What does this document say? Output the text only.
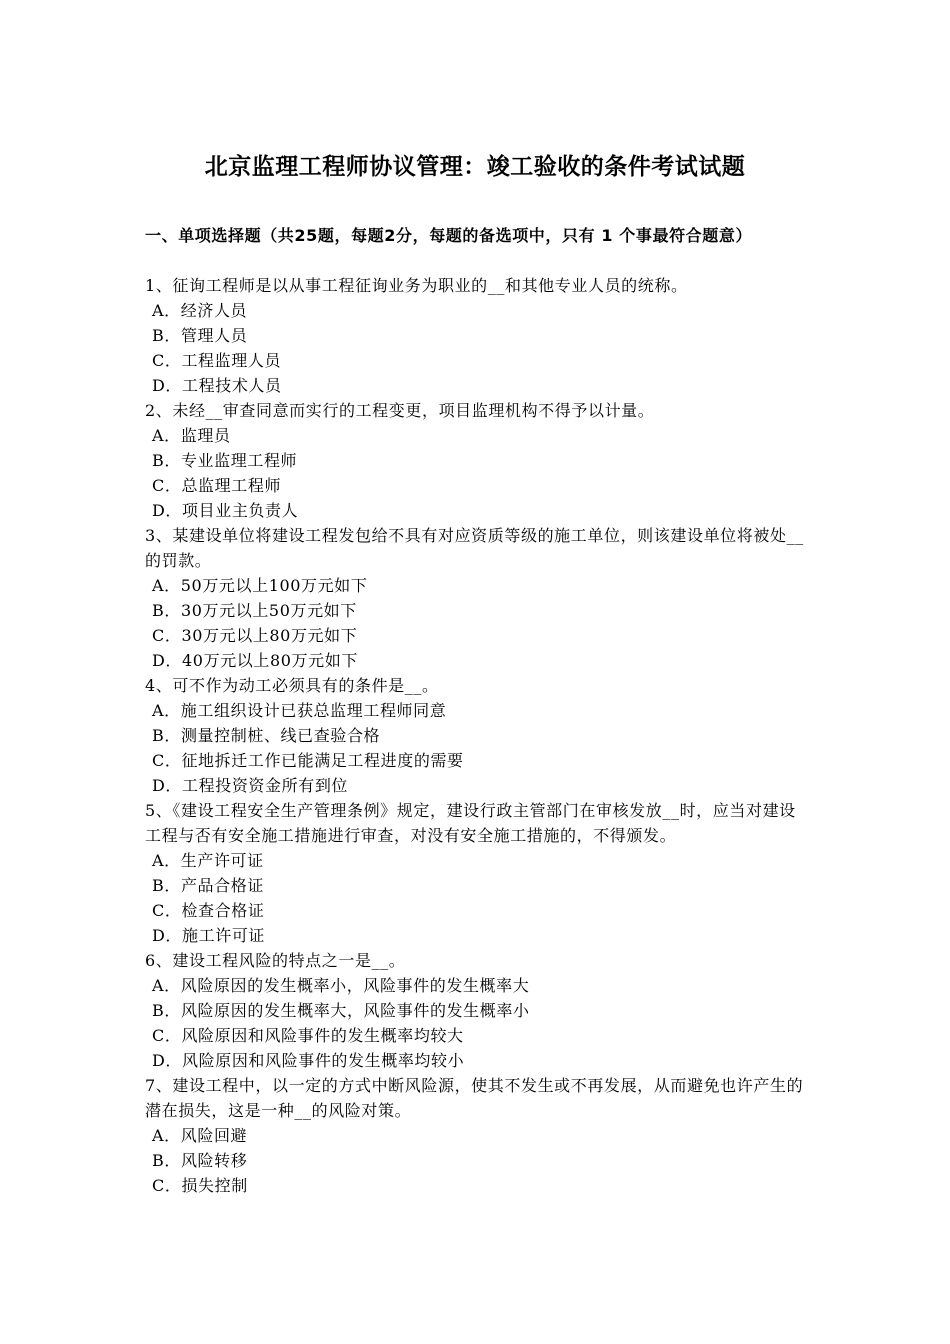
北京监理工程师协议管理：竣工验收的条件考试试题
一、单项选择题（共25题，每题2分，每题的备选项中，只有 1 个事最符合题意）

1、征询工程师是以从事工程征询业务为职业的__和其他专业人员的统称。

A．经济人员

B．管理人员

C．工程监理人员

D．工程技术人员

2、未经__审查同意而实行的工程变更，项目监理机构不得予以计量。

A．监理员

B．专业监理工程师

C．总监理工程师

D．项目业主负责人

3、某建设单位将建设工程发包给不具有对应资质等级的施工单位，则该建设单位将被处__的罚款。

A．50万元以上100万元如下

B．30万元以上50万元如下

C．30万元以上80万元如下

D．40万元以上80万元如下

4、可不作为动工必须具有的条件是__。

A．施工组织设计已获总监理工程师同意

B．测量控制桩、线已查验合格

C．征地拆迁工作已能满足工程进度的需要

D．工程投资资金所有到位

5、《建设工程安全生产管理条例》规定，建设行政主管部门在审核发放__时，应当对建设工程与否有安全施工措施进行审查，对没有安全施工措施的，不得颁发。

A．生产许可证

B．产品合格证

C．检查合格证

D．施工许可证

6、建设工程风险的特点之一是__。

A．风险原因的发生概率小，风险事件的发生概率大

B．风险原因的发生概率大，风险事件的发生概率小

C．风险原因和风险事件的发生概率均较大

D．风险原因和风险事件的发生概率均较小

7、建设工程中，以一定的方式中断风险源，使其不发生或不再发展，从而避免也许产生的潜在损失，这是一种__的风险对策。

A．风险回避

B．风险转移

C．损失控制
